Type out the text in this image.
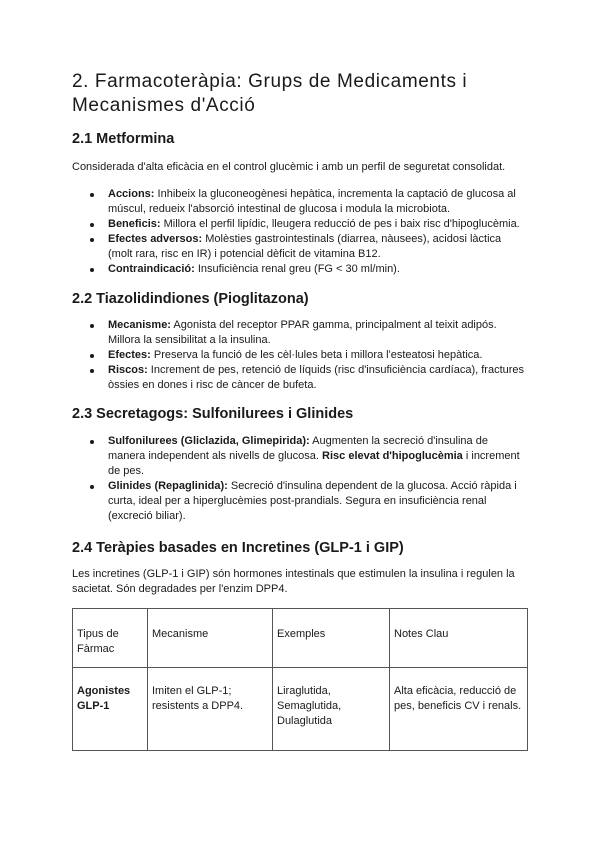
2. Farmacoteràpia: Grups de Medicaments i Mecanismes d'Acció
2.1 Metformina

Considerada d'alta eficàcia en el control glucèmic i amb un perfil de seguretat consolidat.

Accions: Inhibeix la gluconeogènesi hepàtica, incrementa la captació de glucosa al múscul, redueix l'absorció intestinal de glucosa i modula la microbiota.
Beneficis: Millora el perfil lipídic, lleugera reducció de pes i baix risc d'hipoglucèmia.
Efectes adversos: Molèsties gastrointestinals (diarrea, nàusees), acidosi làctica (molt rara, risc en IR) i potencial dèficit de vitamina B12.
Contraindicació: Insuficiència renal greu (FG < 30 ml/min).
2.2 Tiazolidindiones (Pioglitazona)
Mecanisme: Agonista del receptor PPAR gamma, principalment al teixit adipós. Millora la sensibilitat a la insulina.
Efectes: Preserva la funció de les cèl·lules beta i millora l'esteatosi hepàtica.
Riscos: Increment de pes, retenció de líquids (risc d'insuficiència cardíaca), fractures òssies en dones i risc de càncer de bufeta.
2.3 Secretagogs: Sulfonilurees i Glinides
Sulfonilurees (Gliclazida, Glimepirida): Augmenten la secreció d'insulina de manera independent als nivells de glucosa. Risc elevat d'hipoglucèmia i increment de pes.
Glinides (Repaglinida): Secreció d'insulina dependent de la glucosa. Acció ràpida i curta, ideal per a hiperglucèmies post-prandials. Segura en insuficiència renal (excreció biliar).
2.4 Teràpies basades en Incretines (GLP-1 i GIP)

Les incretines (GLP-1 i GIP) són hormones intestinals que estimulen la insulina i regulen la sacietat. Són degradades per l'enzim DPP4.

Tipus de Fàrmac	Mecanisme	Exemples	Notes Clau
Agonistes GLP-1	Imiten el GLP-1; resistents a DPP4.	Liraglutida, Semaglutida, Dulaglutida	Alta eficàcia, reducció de pes, beneficis CV i renals.
